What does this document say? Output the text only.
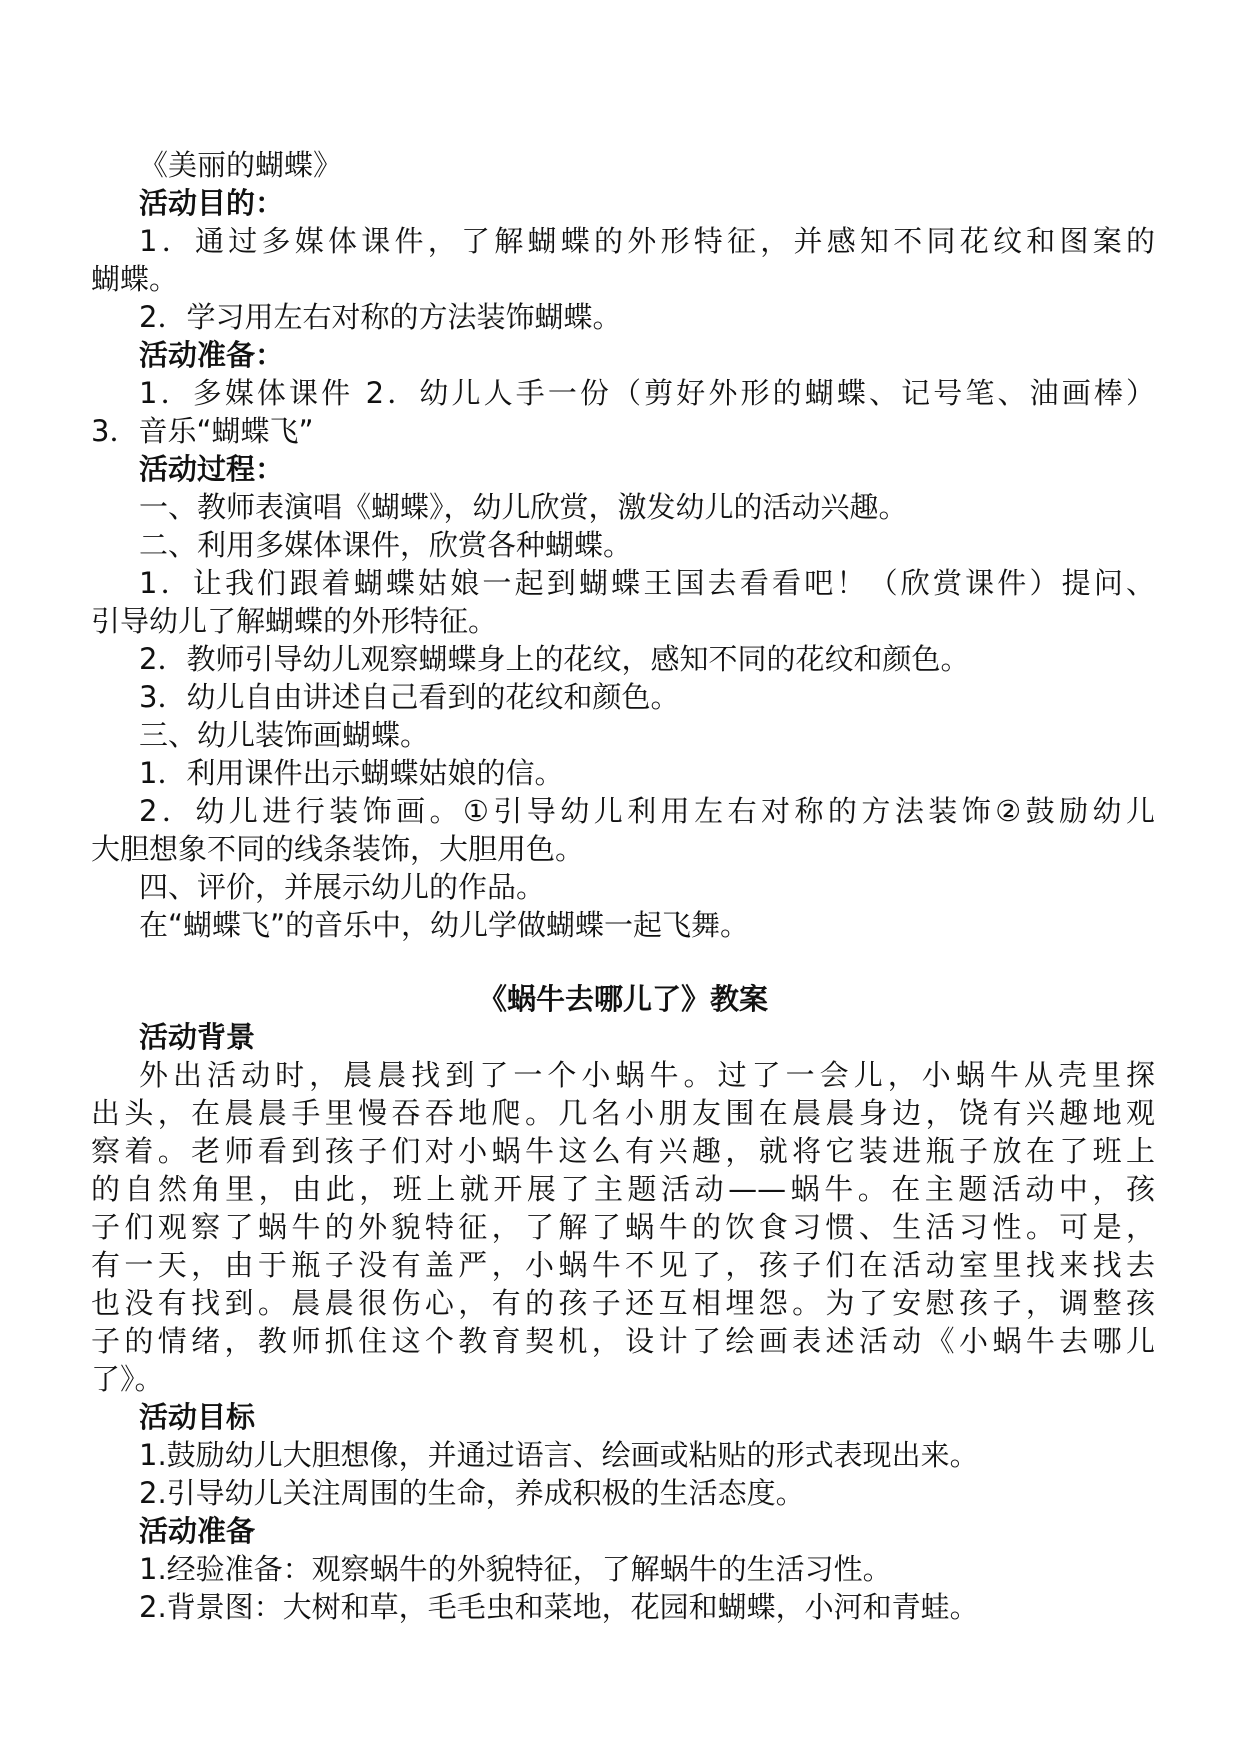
《美丽的蝴蝶》
活动目的：
1．通过多媒体课件，了解蝴蝶的外形特征，并感知不同花纹和图案的
蝴蝶。
2．学习用左右对称的方法装饰蝴蝶。
活动准备：
1．多媒体课件 2．幼儿人手一份（剪好外形的蝴蝶、记号笔、油画棒）
3．音乐“蝴蝶飞”
活动过程：
一、教师表演唱《蝴蝶》，幼儿欣赏，激发幼儿的活动兴趣。
二、利用多媒体课件，欣赏各种蝴蝶。
1．让我们跟着蝴蝶姑娘一起到蝴蝶王国去看看吧！（欣赏课件）提问、
引导幼儿了解蝴蝶的外形特征。
2．教师引导幼儿观察蝴蝶身上的花纹，感知不同的花纹和颜色。
3．幼儿自由讲述自己看到的花纹和颜色。
三、幼儿装饰画蝴蝶。
1．利用课件出示蝴蝶姑娘的信。
2．幼儿进行装饰画。①引导幼儿利用左右对称的方法装饰②鼓励幼儿
大胆想象不同的线条装饰，大胆用色。
四、评价，并展示幼儿的作品。
在“蝴蝶飞”的音乐中，幼儿学做蝴蝶一起飞舞。
《蜗牛去哪儿了》教案
活动背景
外出活动时，晨晨找到了一个小蜗牛。过了一会儿，小蜗牛从壳里探
出头，在晨晨手里慢吞吞地爬。几名小朋友围在晨晨身边，饶有兴趣地观
察着。老师看到孩子们对小蜗牛这么有兴趣，就将它装进瓶子放在了班上
的自然角里，由此，班上就开展了主题活动——蜗牛。在主题活动中，孩
子们观察了蜗牛的外貌特征，了解了蜗牛的饮食习惯、生活习性。可是，
有一天，由于瓶子没有盖严，小蜗牛不见了，孩子们在活动室里找来找去
也没有找到。晨晨很伤心，有的孩子还互相埋怨。为了安慰孩子，调整孩
子的情绪，教师抓住这个教育契机，设计了绘画表述活动《小蜗牛去哪儿
了》。
活动目标
1.鼓励幼儿大胆想像，并通过语言、绘画或粘贴的形式表现出来。
2.引导幼儿关注周围的生命，养成积极的生活态度。
活动准备
1.经验准备：观察蜗牛的外貌特征，了解蜗牛的生活习性。
2.背景图：大树和草，毛毛虫和菜地，花园和蝴蝶，小河和青蛙。
